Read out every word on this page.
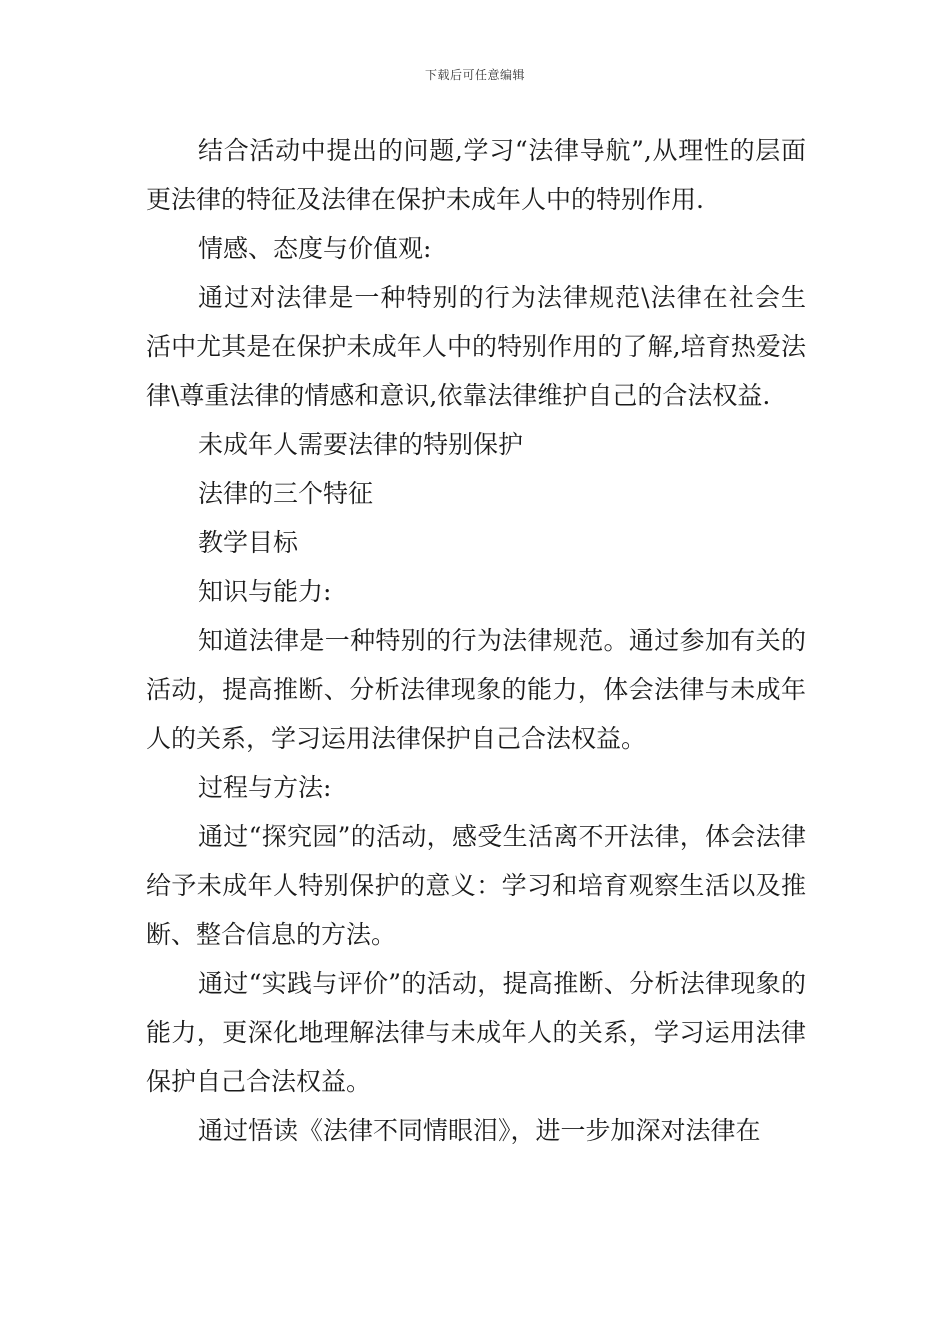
下载后可任意编辑

结合活动中提出的问题,学习“法律导航”,从理性的层面更法律的特征及法律在保护未成年人中的特别作用.

情感、态度与价值观:

通过对法律是一种特别的行为法律规范\法律在社会生活中尤其是在保护未成年人中的特别作用的了解,培育热爱法律\尊重法律的情感和意识,依靠法律维护自己的合法权益.

未成年人需要法律的特别保护

法律的三个特征

教学目标

知识与能力:

知道法律是一种特别的行为法律规范。通过参加有关的活动，提高推断、分析法律现象的能力，体会法律与未成年人的关系，学习运用法律保护自己合法权益。

过程与方法:

通过“探究园”的活动，感受生活离不开法律，体会法律给予未成年人特别保护的意义：学习和培育观察生活以及推断、整合信息的方法。

通过“实践与评价”的活动，提高推断、分析法律现象的能力，更深化地理解法律与未成年人的关系，学习运用法律保护自己合法权益。

通过悟读《法律不同情眼泪》，进一步加深对法律在
